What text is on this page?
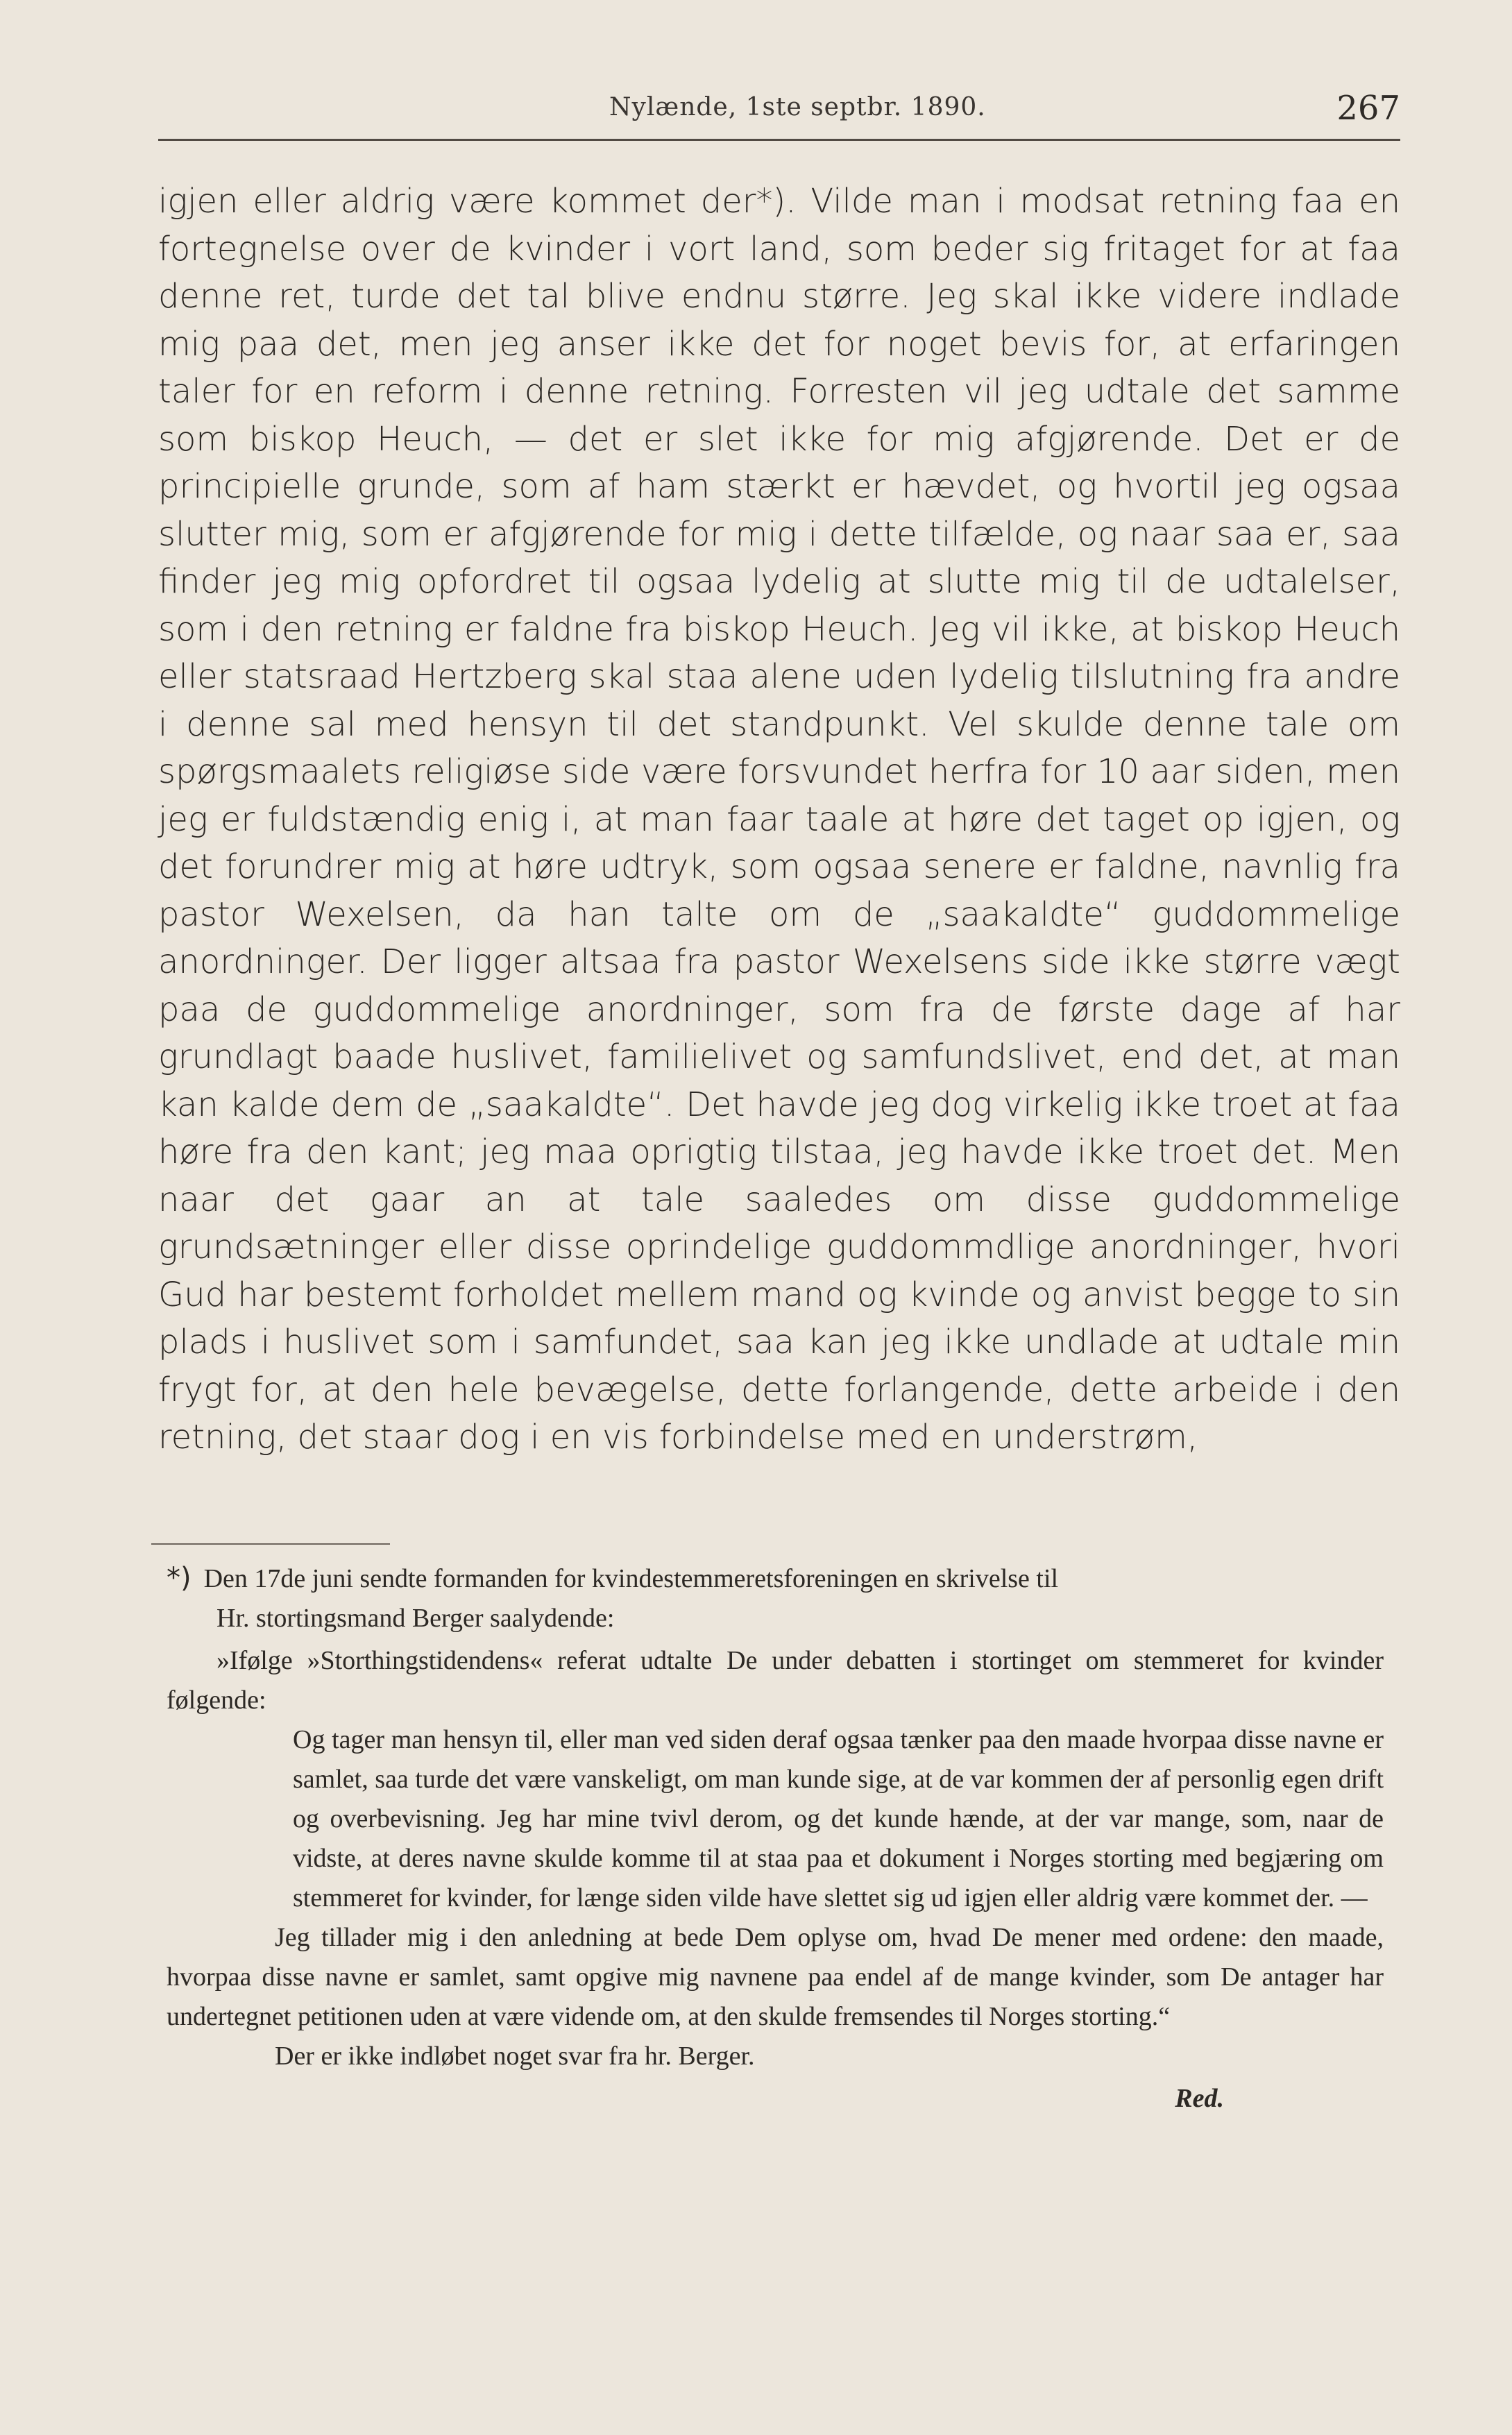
Nylænde, 1ste septbr. 1890.	267

igjen eller aldrig være kommet der*). Vilde man i modsat retning faa en fortegnelse over de kvinder i vort land, som beder sig fritaget for at faa denne ret, turde det tal blive endnu større. Jeg skal ikke videre indlade mig paa det, men jeg anser ikke det for noget bevis for, at erfaringen taler for en reform i denne retning. Forresten vil jeg udtale det samme som biskop Heuch, — det er slet ikke for mig afgjørende. Det er de principielle grunde, som af ham stærkt er hævdet, og hvortil jeg ogsaa slutter mig, som er afgjørende for mig i dette tilfælde, og naar saa er, saa finder jeg mig opfordret til ogsaa lydelig at slutte mig til de udtalelser, som i den retning er faldne fra biskop Heuch. Jeg vil ikke, at biskop Heuch eller statsraad Hertzberg skal staa alene uden lydelig tilslutning fra andre i denne sal med hensyn til det standpunkt. Vel skulde denne tale om spørgsmaalets religiøse side være forsvundet herfra for 10 aar siden, men jeg er fuldstændig enig i, at man faar taale at høre det taget op igjen, og det forundrer mig at høre udtryk, som ogsaa senere er faldne, navnlig fra pastor Wexelsen, da han talte om de „saakaldte“ guddommelige anordninger. Der ligger altsaa fra pastor Wexelsens side ikke større vægt paa de guddommelige anordninger, som fra de første dage af har grundlagt baade huslivet, familielivet og samfundslivet, end det, at man kan kalde dem de „saakaldte“. Det havde jeg dog virkelig ikke troet at faa høre fra den kant; jeg maa oprigtig tilstaa, jeg havde ikke troet det. Men naar det gaar an at tale saaledes om disse guddommelige grundsætninger eller disse oprindelige guddommdlige anordninger, hvori Gud har bestemt forholdet mellem mand og kvinde og anvist begge to sin plads i huslivet som i samfundet, saa kan jeg ikke undlade at udtale min frygt for, at den hele bevægelse, dette forlangende, dette arbeide i den retning, det staar dog i en vis forbindelse med en understrøm,

*) Den 17de juni sendte formanden for kvindestemmeretsforeningen en skrivelse til

Hr. stortingsmand Berger saalydende:

»Ifølge »Storthingstidendens« referat udtalte De under debatten i stortinget om stemmeret for kvinder følgende:

Og tager man hensyn til, eller man ved siden deraf ogsaa tænker paa den maade hvorpaa disse navne er samlet, saa turde det være vanskeligt, om man kunde sige, at de var kommen der af personlig egen drift og overbevisning. Jeg har mine tvivl derom, og det kunde hænde, at der var mange, som, naar de vidste, at deres navne skulde komme til at staa paa et dokument i Norges storting med begjæring om stemmeret for kvinder, for længe siden vilde have slettet sig ud igjen eller aldrig være kommet der. —

Jeg tillader mig i den anledning at bede Dem oplyse om, hvad De mener med ordene: den maade, hvorpaa disse navne er samlet, samt opgive mig navnene paa endel af de mange kvinder, som De antager har undertegnet petitionen uden at være vidende om, at den skulde fremsendes til Norges storting.“

Der er ikke indløbet noget svar fra hr. Berger.

Red.
